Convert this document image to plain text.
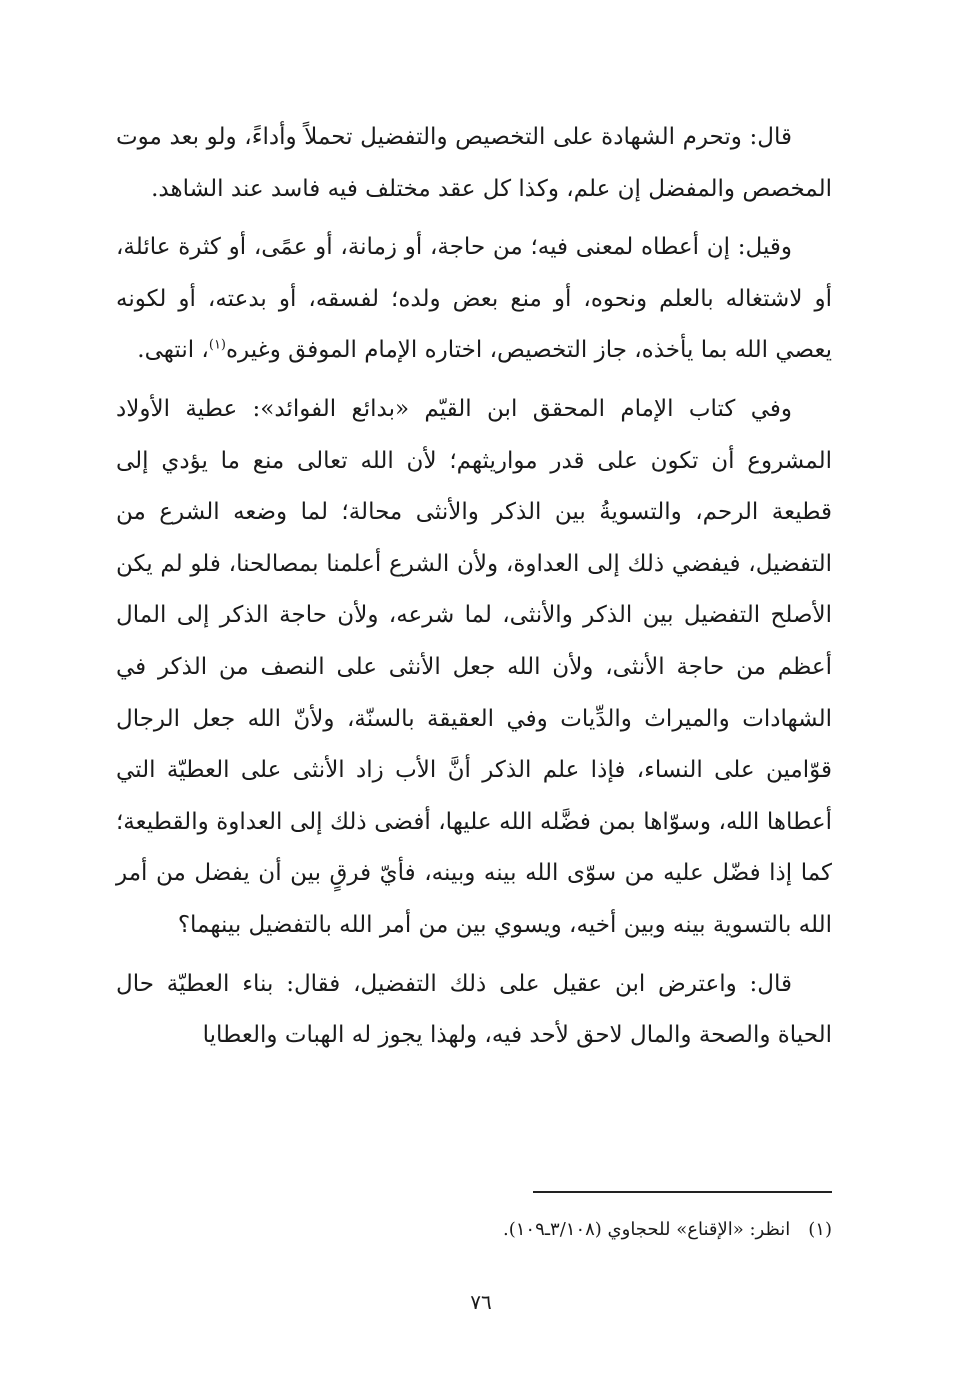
قال: وتحرم الشهادة على التخصيص والتفضيل تحملاً وأداءً، ولو بعد موت المخصص والمفضل إن علم، وكذا كل عقد مختلف فيه فاسد عند الشاهد.

وقيل: إن أعطاه لمعنى فيه؛ من حاجة، أو زمانة، أو عمًى، أو كثرة عائلة، أو لاشتغاله بالعلم ونحوه، أو منع بعض ولده؛ لفسقه، أو بدعته، أو لكونه يعصي الله بما يأخذه، جاز التخصيص، اختاره الإمام الموفق وغيره$^{(١)}$، انتهى.

وفي كتاب الإمام المحقق ابن القيّم «بدائع الفوائد»: عطية الأولاد المشروع أن تكون على قدر مواريثهم؛ لأن الله تعالى منع ما يؤدي إلى قطيعة الرحم، والتسويةُ بين الذكر والأنثى محالة؛ لما وضعه الشرع من التفضيل، فيفضي ذلك إلى العداوة، ولأن الشرع أعلمنا بمصالحنا، فلو لم يكن الأصلح التفضيل بين الذكر والأنثى، لما شرعه، ولأن حاجة الذكر إلى المال أعظم من حاجة الأنثى، ولأن الله جعل الأنثى على النصف من الذكر في الشهادات والميراث والدِّيات وفي العقيقة بالسنّة، ولأنّ الله جعل الرجال قوّامين على النساء، فإذا علم الذكر أنَّ الأب زاد الأنثى على العطيّة التي أعطاها الله، وسوّاها بمن فضَّله الله عليها، أفضى ذلك إلى العداوة والقطيعة؛ كما إذا فضّل عليه من سوّى الله بينه وبينه، فأيّ فرقٍ بين أن يفضل من أمر الله بالتسوية بينه وبين أخيه، ويسوي بين من أمر الله بالتفضيل بينهما؟

قال: واعترض ابن عقيل على ذلك التفضيل، فقال: بناء العطيّة حال الحياة والصحة والمال لاحق لأحد فيه، ولهذا يجوز له الهبات والعطايا

(١)انظر: «الإقناع» للحجاوي (٣/١٠٨ـ١٠٩).
٧٦
